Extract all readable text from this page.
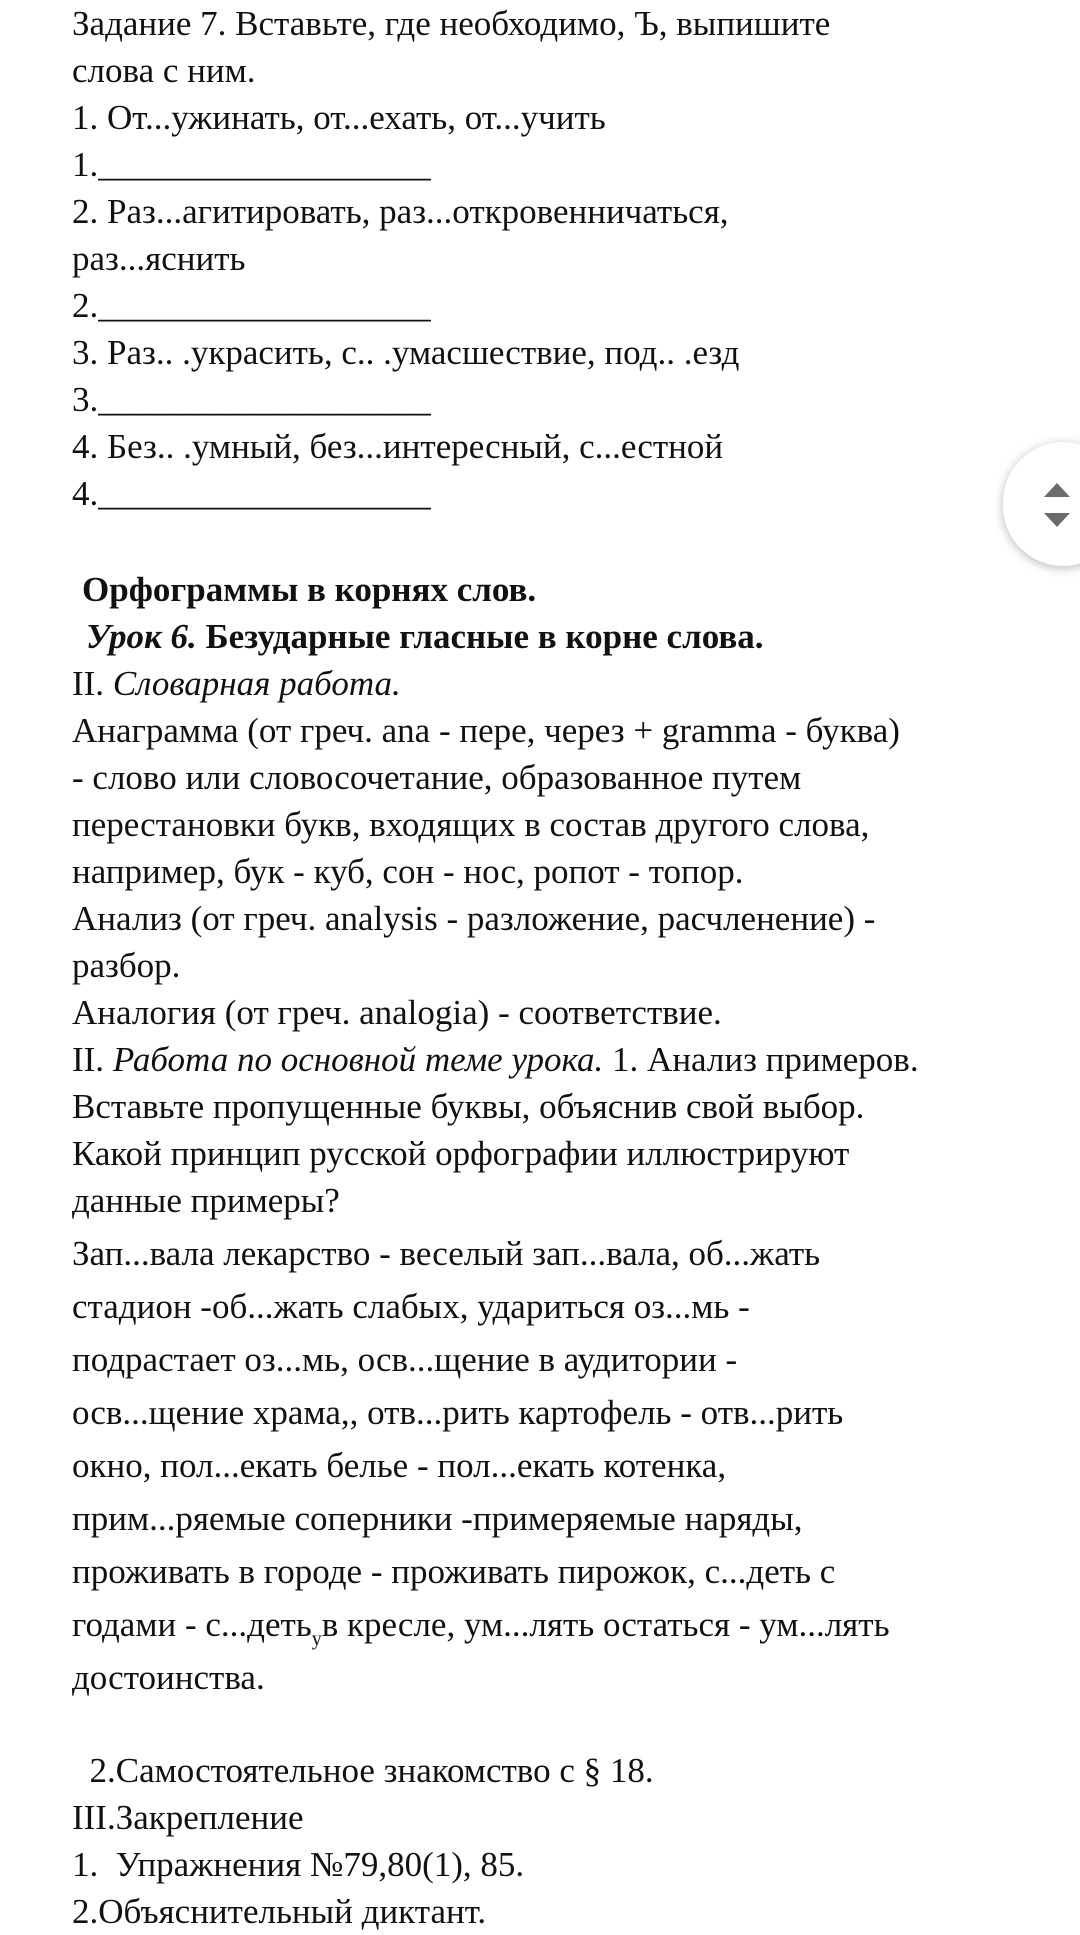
Задание 7. Вставьте, где необходимо, Ъ, выпишите
слова с ним.
1. От...ужинать, от...ехать, от...учить
1.___________________
2. Раз...агитировать, раз...откровенничаться,
раз...яснить
2.___________________
3. Раз.. .украсить, с.. .умасшествие, под.. .езд
3.___________________
4. Без.. .умный, без...интересный, с...естной
4.___________________
Орфограммы в корнях слов.
Урок 6. Безударные гласные в корне слова.
II. Словарная работа.
Анаграмма (от греч. ana - пере, через + gramma - буква)
- слово или словосочетание, образованное путем
перестановки букв, входящих в состав другого слова,
например, бук - куб, сон - нос, ропот - топор.
Анализ (от греч. analysis - разложение, расчленение) -
разбор.
Аналогия (от греч. analogia) - соответствие.
II. Работа по основной теме урока. 1. Анализ примеров.
Вставьте пропущенные буквы, объяснив свой выбор.
Какой принцип русской орфографии иллюстрируют
данные примеры?
Зап...вала лекарство - веселый зап...вала, об...жать
стадион -об...жать слабых, удариться оз...мь -
подрастает оз...мь, осв...щение в аудитории -
осв...щение храма,, отв...рить картофель - отв...рить
окно, пол...екать белье - пол...екать котенка,
прим...ряемые соперники -примеряемые наряды,
проживать в городе - проживать пирожок, с...деть с
годами - с...деть$_у$в кресле, ум...лять остаться - ум...лять
достоинства.
2.Самостоятельное знакомство с § 18.
III.Закрепление
1.  Упражнения №79,80(1), 85.
2.Объяснительный диктант.
